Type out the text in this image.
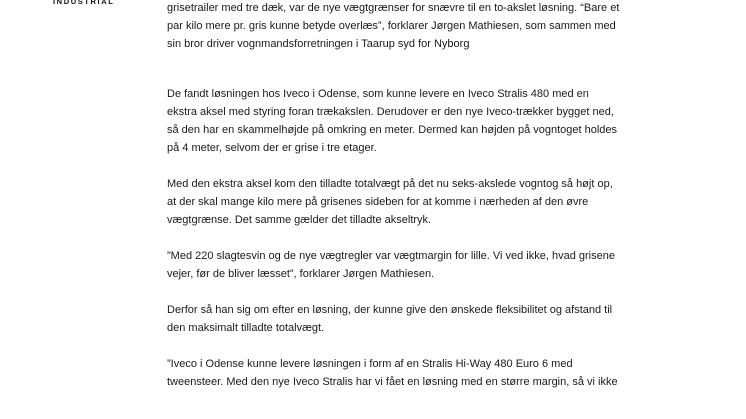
INDUSTRIAL

grisetrailer med tre dæk, var de nye vægtgrænser for snævre til en to-akslet løsning. “Bare et
par kilo mere pr. gris kunne betyde overlæs”, forklarer Jørgen Mathiesen, som sammen med
sin bror driver vognmandsforretningen i Taarup syd for Nyborg

De fandt løsningen hos Iveco i Odense, som kunne levere en Iveco Stralis 480 med en
ekstra aksel med styring foran trækakslen. Derudover er den nye Iveco-trækker bygget ned,
så den har en skammelhøjde på omkring en meter. Dermed kan højden på vogntoget holdes
på 4 meter, selvom der er grise i tre etager.

Med den ekstra aksel kom den tilladte totalvægt på det nu seks-akslede vogntog så højt op,
at der skal mange kilo mere på grisenes sideben for at komme i nærheden af den øvre
vægtgrænse. Det samme gælder det tilladte akseltryk.

”Med 220 slagtesvin og de nye vægtregler var vægtmargin for lille. Vi ved ikke, hvad grisene
vejer, før de bliver læsset”, forklarer Jørgen Mathiesen.

Derfor så han sig om efter en løsning, der kunne give den ønskede fleksibilitet og afstand til
den maksimalt tilladte totalvægt.

”Iveco i Odense kunne levere løsningen i form af en Stralis Hi-Way 480 Euro 6 med
tweensteer. Med den nye Iveco Stralis har vi fået en løsning med en større margin, så vi ikke
